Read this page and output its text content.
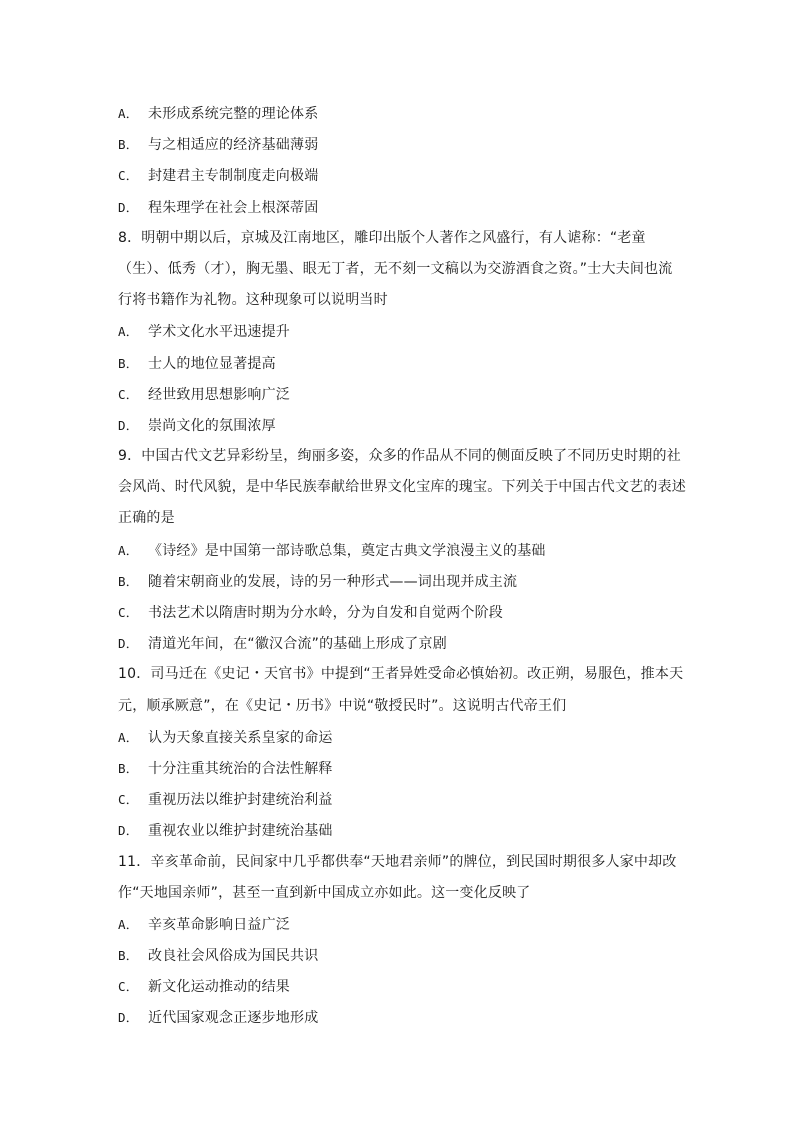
A． 未形成系统完整的理论体系
B． 与之相适应的经济基础薄弱
C． 封建君主专制制度走向极端
D． 程朱理学在社会上根深蒂固
8．明朝中期以后，京城及江南地区，雕印出版个人著作之风盛行，有人谑称：“老童
（生）、低秀（才），胸无墨、眼无丁者，无不刻一文稿以为交游酒食之资。”士大夫间也流
行将书籍作为礼物。这种现象可以说明当时
A． 学术文化水平迅速提升
B． 士人的地位显著提高
C． 经世致用思想影响广泛
D． 崇尚文化的氛围浓厚
9．中国古代文艺异彩纷呈，绚丽多姿，众多的作品从不同的侧面反映了不同历史时期的社
会风尚、时代风貌，是中华民族奉献给世界文化宝库的瑰宝。下列关于中国古代文艺的表述
正确的是
A． 《诗经》是中国第一部诗歌总集，奠定古典文学浪漫主义的基础
B． 随着宋朝商业的发展，诗的另一种形式——词出现并成主流
C． 书法艺术以隋唐时期为分水岭，分为自发和自觉两个阶段
D． 清道光年间，在“徽汉合流”的基础上形成了京剧
10．司马迁在《史记・天官书》中提到“王者异姓受命必慎始初。改正朔，易服色，推本天
元，顺承厥意”，在《史记・历书》中说“敬授民时”。这说明古代帝王们
A． 认为天象直接关系皇家的命运
B． 十分注重其统治的合法性解释
C． 重视历法以维护封建统治利益
D． 重视农业以维护封建统治基础
11．辛亥革命前，民间家中几乎都供奉“天地君亲师”的牌位，到民国时期很多人家中却改
作“天地国亲师”，甚至一直到新中国成立亦如此。这一变化反映了
A． 辛亥革命影响日益广泛
B． 改良社会风俗成为国民共识
C． 新文化运动推动的结果
D． 近代国家观念正逐步地形成
